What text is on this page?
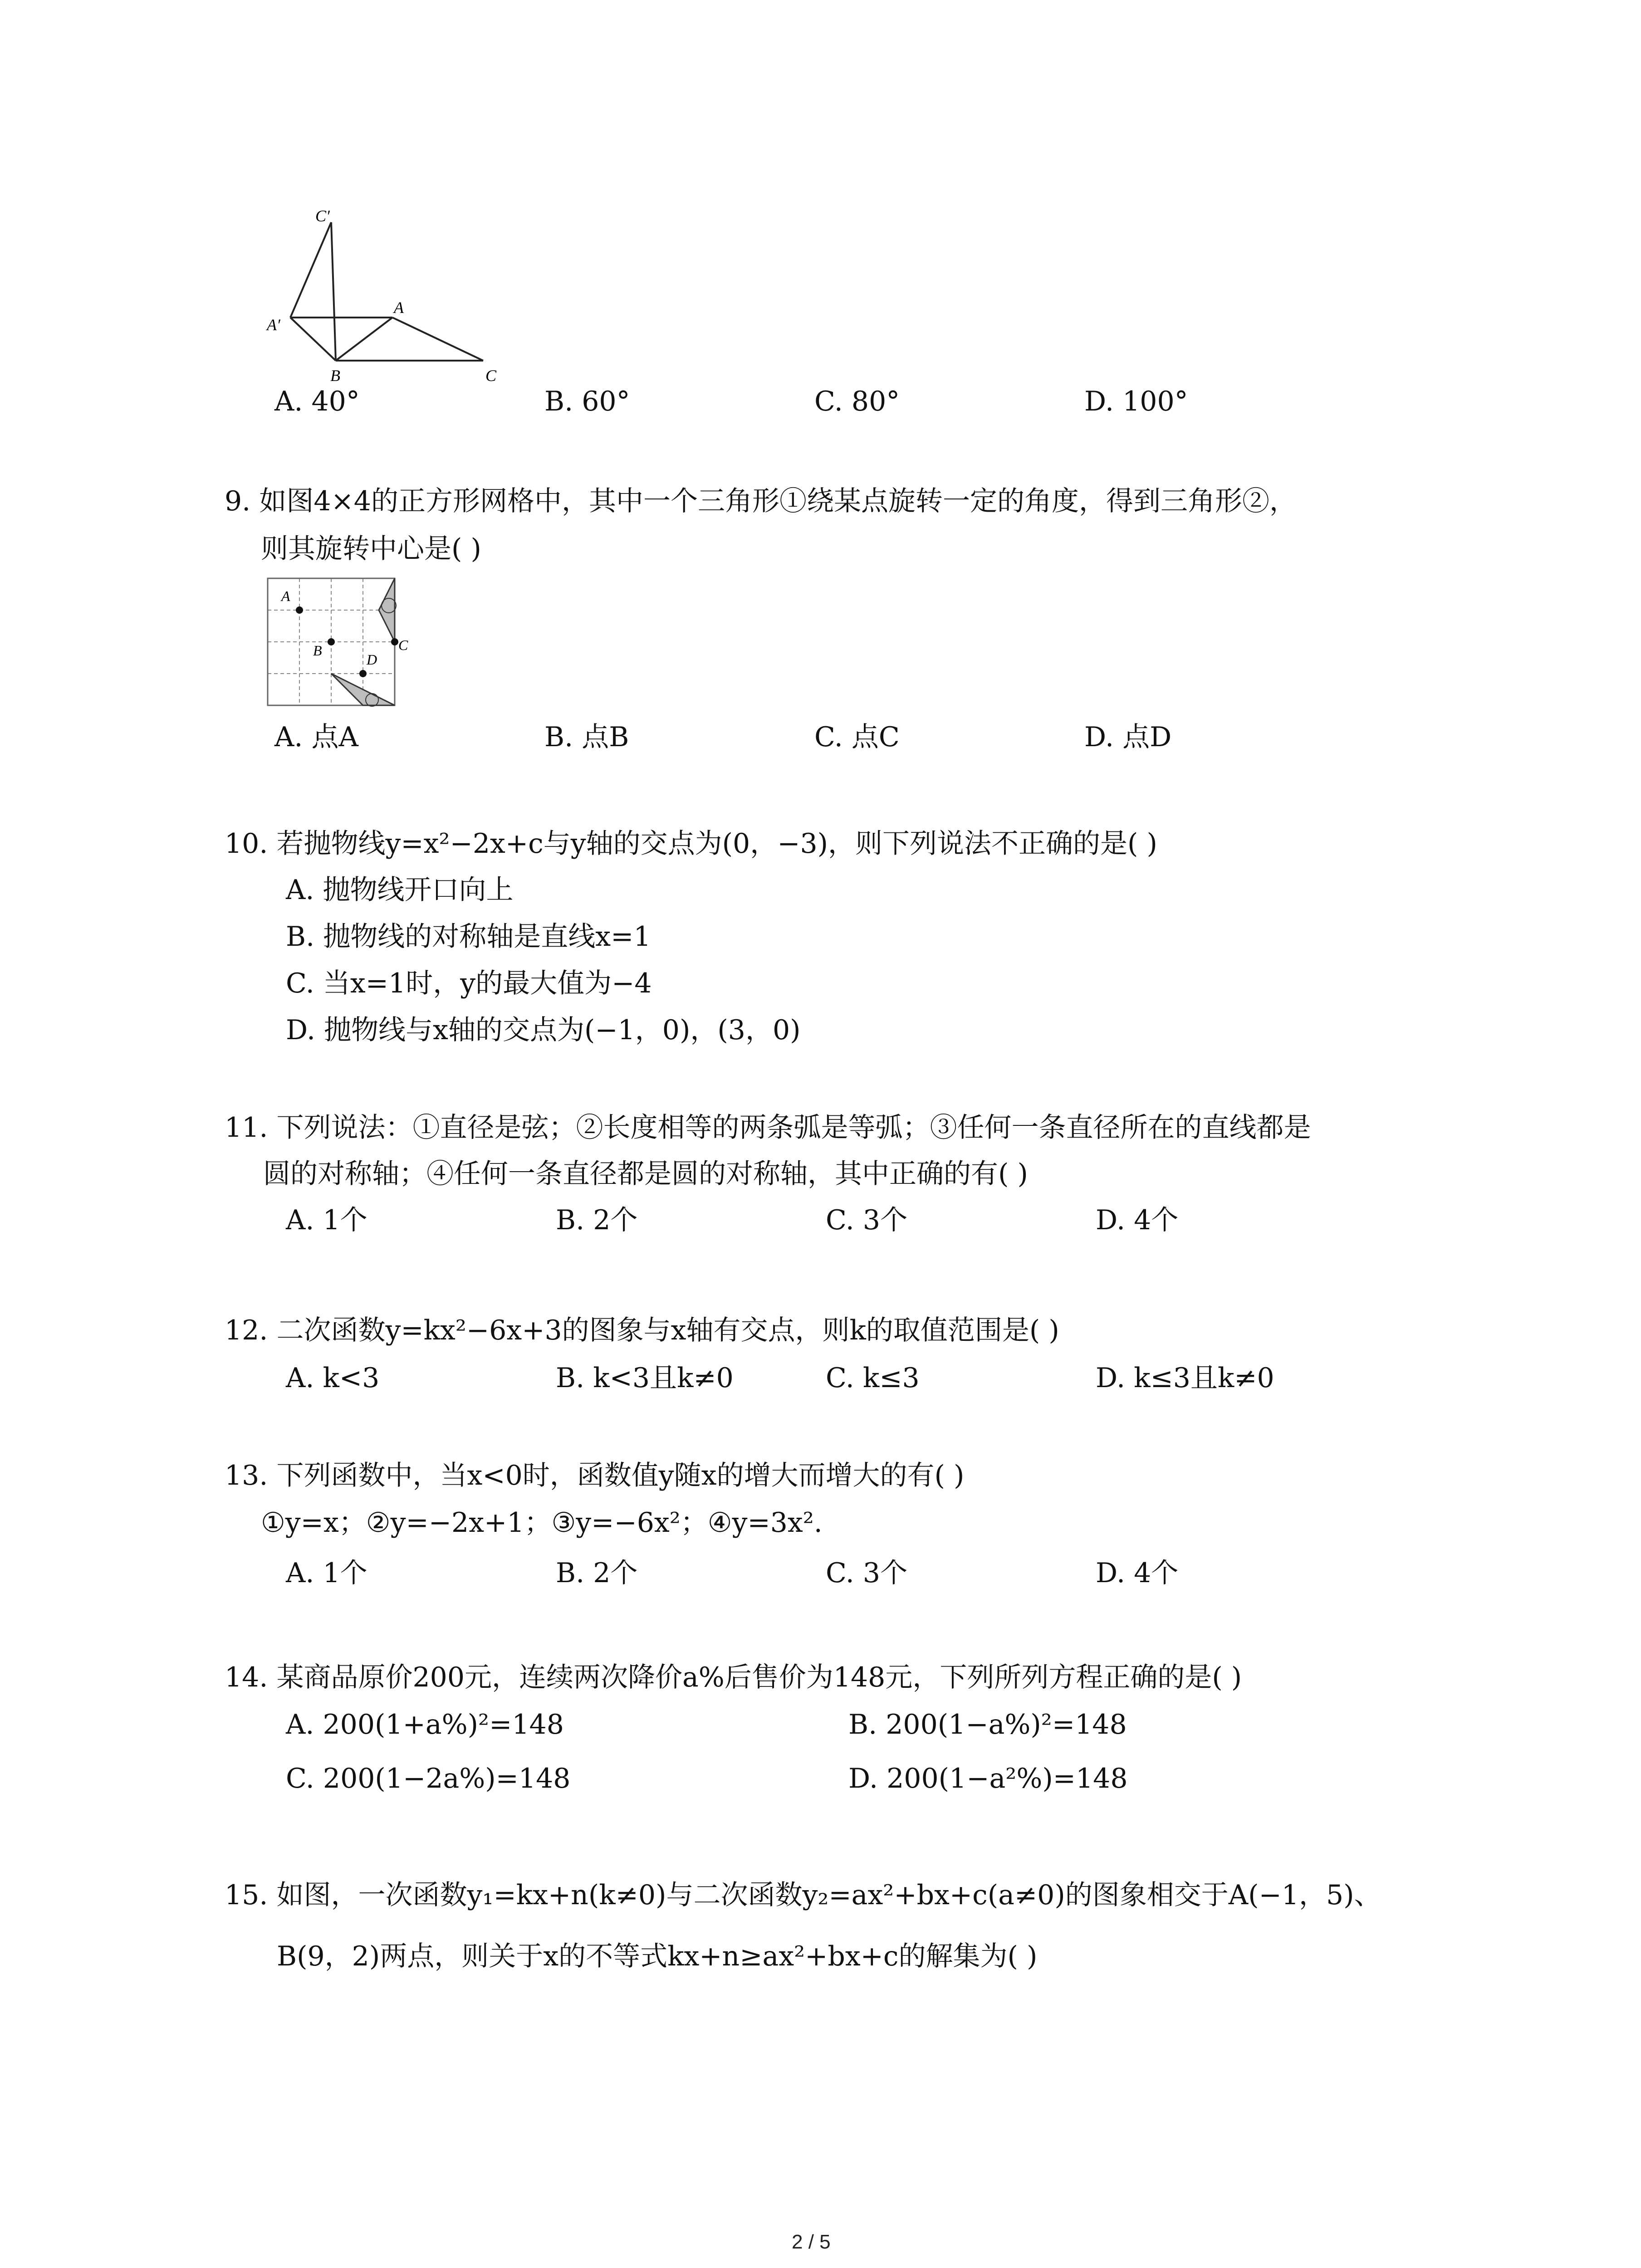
C′
A′
A
B	C
A. 40°	B. 60°	C. 80°	D. 100°
9. 如图4×4的正方形网格中，其中一个三角形①绕某点旋转一定的角度，得到三角形②，
则其旋转中心是( )
A
B	C
D
A. 点A	B. 点B	C. 点C	D. 点D
10. 若抛物线y=x²−2x+c与y轴的交点为(0，−3)，则下列说法不正确的是( )
A. 抛物线开口向上
B. 抛物线的对称轴是直线x=1
C. 当x=1时，y的最大值为−4
D. 抛物线与x轴的交点为(−1，0)，(3，0)
11. 下列说法：①直径是弦；②长度相等的两条弧是等弧；③任何一条直径所在的直线都是
圆的对称轴；④任何一条直径都是圆的对称轴，其中正确的有( )
A. 1个	B. 2个	C. 3个	D. 4个
12. 二次函数y=kx²−6x+3的图象与x轴有交点，则k的取值范围是( )
A. k<3	B. k<3且k≠0	C. k≤3	D. k≤3且k≠0
13. 下列函数中，当x<0时，函数值y随x的增大而增大的有( )
①y=x；②y=−2x+1；③y=−6x²；④y=3x².
A. 1个	B. 2个	C. 3个	D. 4个
14. 某商品原价200元，连续两次降价a%后售价为148元，下列所列方程正确的是( )
A. 200(1+a%)²=148	B. 200(1−a%)²=148
C. 200(1−2a%)=148	D. 200(1−a²%)=148
15. 如图，一次函数y₁=kx+n(k≠0)与二次函数y₂=ax²+bx+c(a≠0)的图象相交于A(−1，5)、
B(9，2)两点，则关于x的不等式kx+n≥ax²+bx+c的解集为( )
2 / 5
